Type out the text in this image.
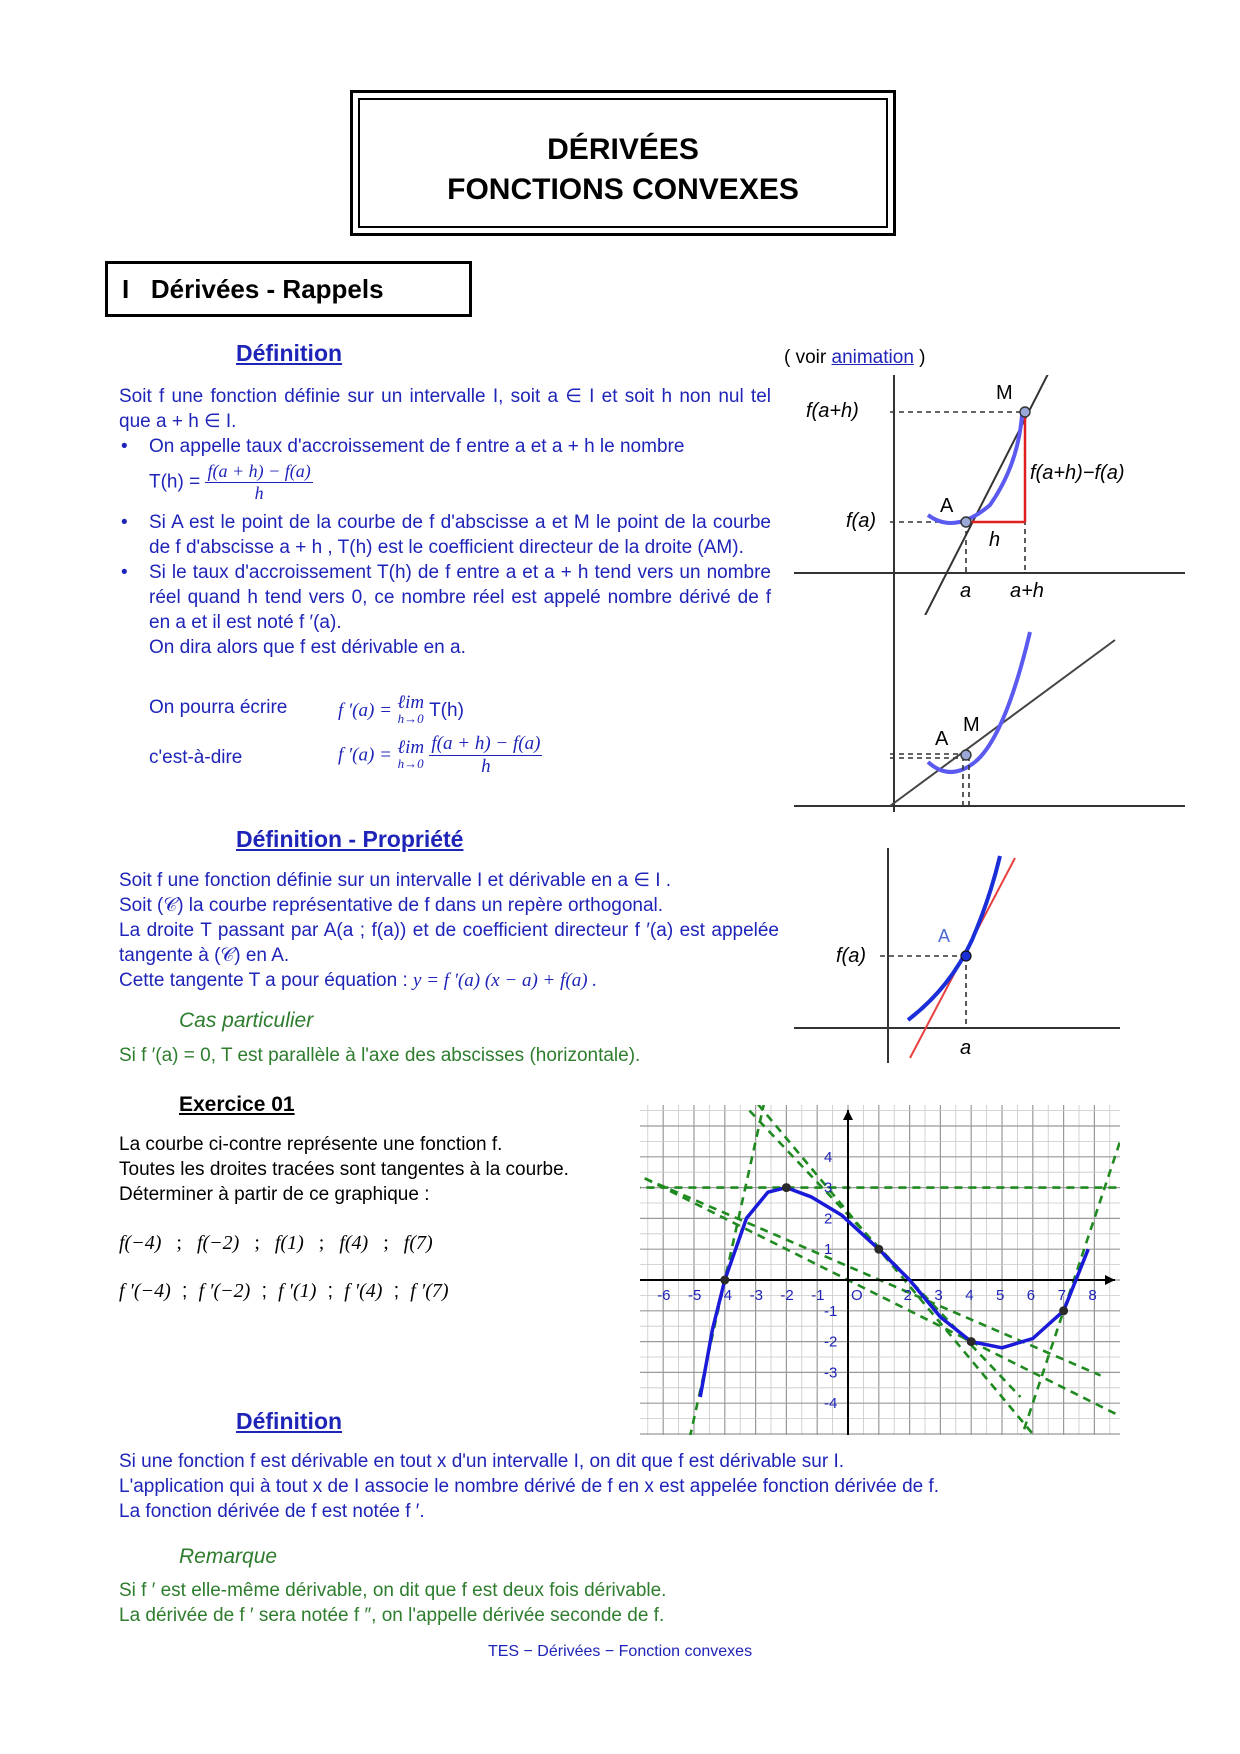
DÉRIVÉES
FONCTIONS CONVEXES
I Dérivées - Rappels
Définition	( voir animation )
Soit f une fonction définie sur un intervalle I, soit a ∈ I et soit h non nul tel que a + h ∈ I.
• On appelle taux d'accroissement de f entre a et a + h le nombre
$T(h) = \frac{f(a + h) - f(a)}{h}$
• Si A est le point de la courbe de f d'abscisse a et M le point de la courbe de f d'abscisse a + h , T(h) est le coefficient directeur de la droite (AM).
• Si le taux d'accroissement T(h) de f entre a et a + h tend vers un nombre réel quand h tend vers 0, ce nombre réel est appelé nombre dérivé de f en a et il est noté f ′(a).
On dira alors que f est dérivable en a.
On pourra écrire	f ′(a) = ℓim
h→0 T(h)
c'est-à-dire	f ′(a) = ℓim
h→0
$\frac{f(a + h) - f(a)}{h}$
f(a+h)
f(a)
f(a+h)−f(a)
M
A
h
a a+h
M
A
Définition - Propriété
Soit f une fonction définie sur un intervalle I et dérivable en a ∈ I .
Soit (𝒞) la courbe représentative de f dans un repère orthogonal.
La droite T passant par A(a ; f(a)) et de coefficient directeur f ′(a) est appelée tangente à (𝒞) en A.
Cette tangente T a pour équation : y = f ′(a) (x − a) + f(a) .
A
f(a)
a
Cas particulier
Si f ′(a) = 0, T est parallèle à l'axe des abscisses (horizontale).
Exercice 01
La courbe ci-contre représente une fonction f.
Toutes les droites tracées sont tangentes à la courbe.
Déterminer à partir de ce graphique :
f(−4) ; f(−2) ; f(1) ; f(4) ; f(7)
f ′(−4) ; f ′(−2) ; f ′(1) ; f ′(4) ; f ′(7)	-6 -5 -4 -3 -2 -1 O	2 3 4 5 6 7 8
4
3
2
1
-1
-2
-3
-4
Définition
Si une fonction f est dérivable en tout x d'un intervalle I, on dit que f est dérivable sur I.
L'application qui à tout x de I associe le nombre dérivé de f en x est appelée fonction dérivée de f.
La fonction dérivée de f est notée f ′.
Remarque
Si f ′ est elle-même dérivable, on dit que f est deux fois dérivable.
La dérivée de f ′ sera notée f ″, on l'appelle dérivée seconde de f.
TES − Dérivées − Fonction convexes
